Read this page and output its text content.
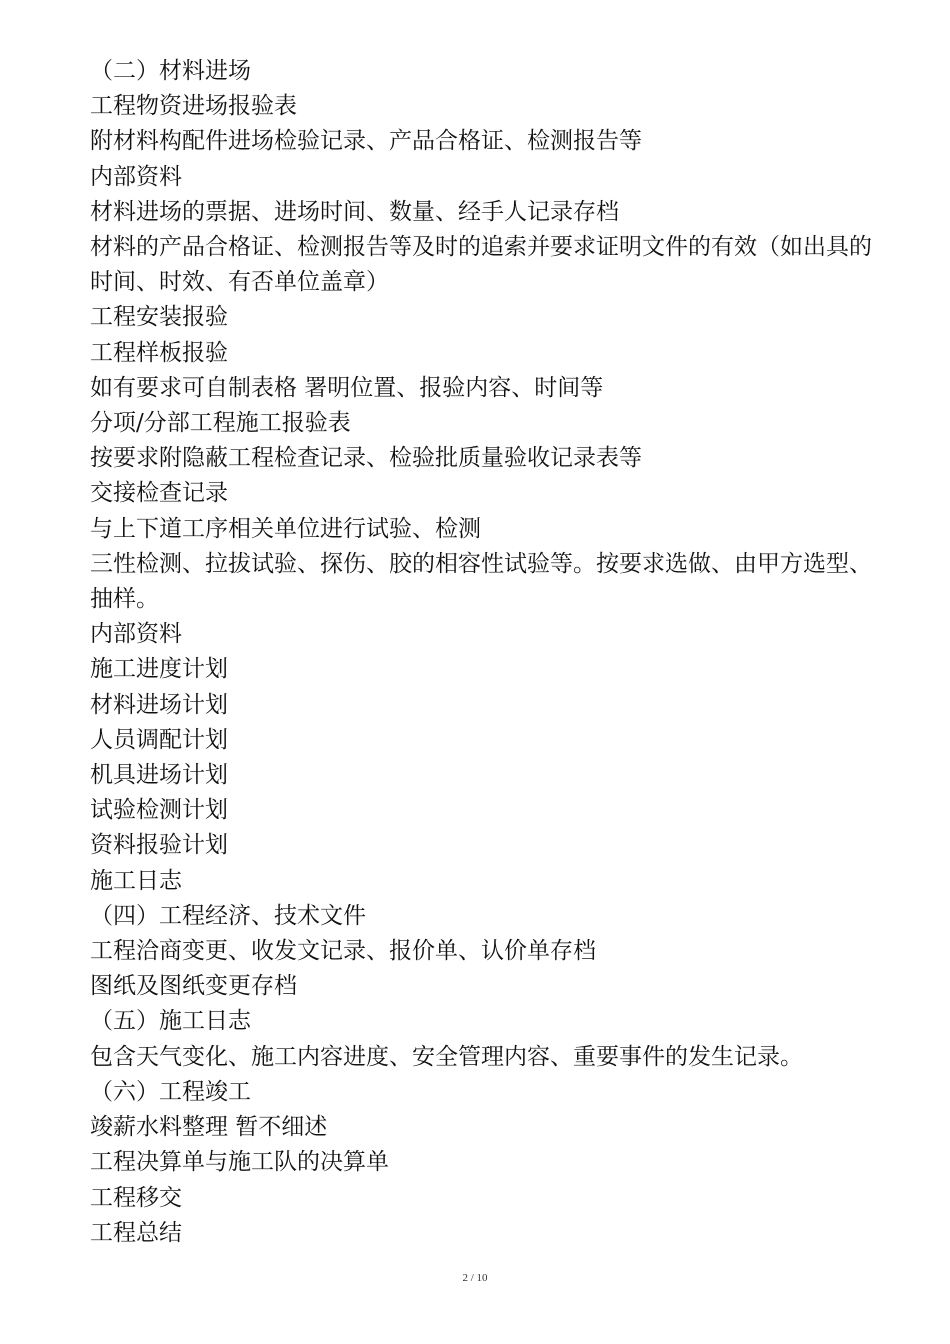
（二）材料进场
工程物资进场报验表
附材料构配件进场检验记录、产品合格证、检测报告等
内部资料
材料进场的票据、进场时间、数量、经手人记录存档
材料的产品合格证、检测报告等及时的追索并要求证明文件的有效（如出具的时间、时效、有否单位盖章）
工程安装报验
工程样板报验
如有要求可自制表格 署明位置、报验内容、时间等
分项/分部工程施工报验表
按要求附隐蔽工程检查记录、检验批质量验收记录表等
交接检查记录
与上下道工序相关单位进行试验、检测
三性检测、拉拔试验、探伤、胶的相容性试验等。按要求选做、由甲方选型、抽样。
内部资料
施工进度计划
材料进场计划
人员调配计划
机具进场计划
试验检测计划
资料报验计划
施工日志
（四）工程经济、技术文件
工程洽商变更、收发文记录、报价单、认价单存档
图纸及图纸变更存档
（五）施工日志
包含天气变化、施工内容进度、安全管理内容、重要事件的发生记录。
（六）工程竣工
竣薪水料整理 暂不细述
工程决算单与施工队的决算单
工程移交
工程总结
2 / 10
